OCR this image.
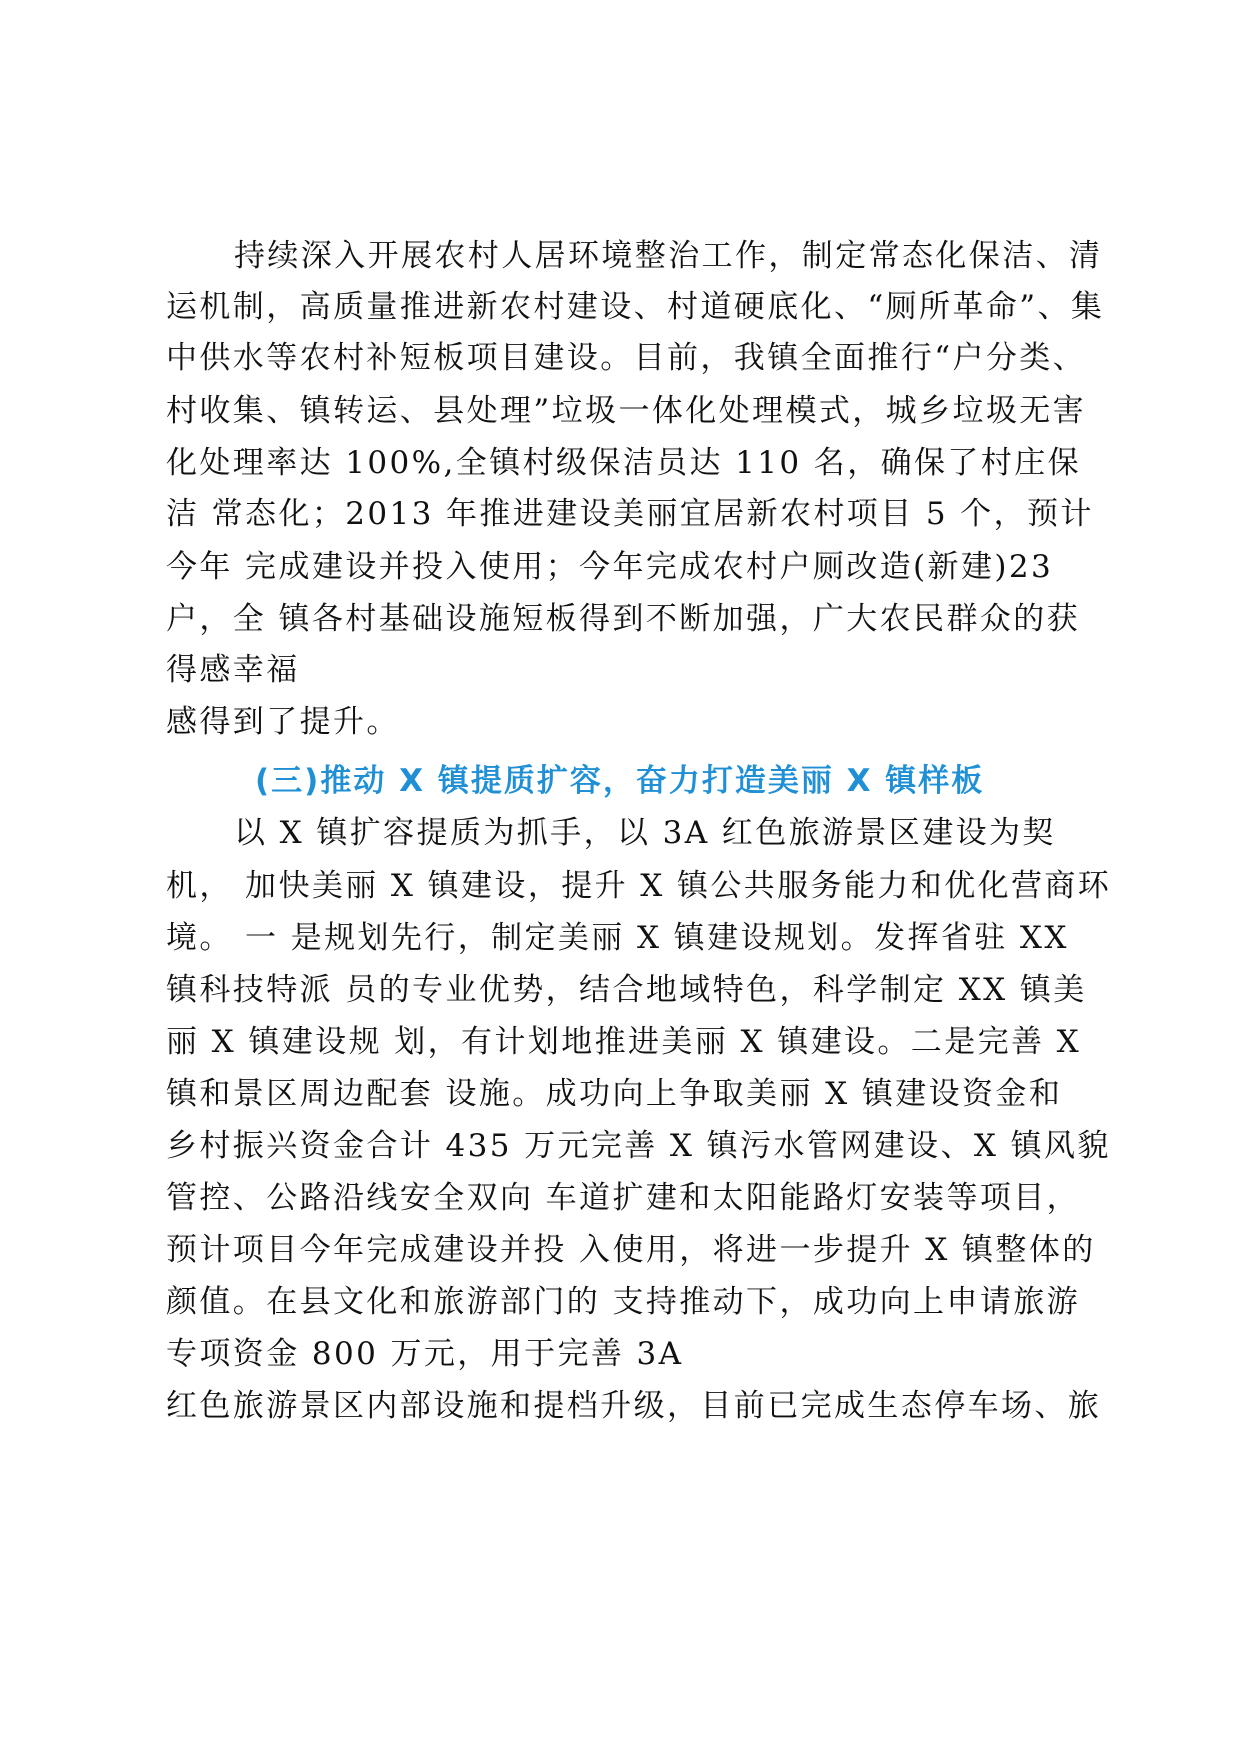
持续深入开展农村人居环境整治工作，制定常态化保洁、清
运机制，高质量推进新农村建设、村道硬底化、“厕所革命”、集
中供水等农村补短板项目建设。目前，我镇全面推行“户分类、
村收集、镇转运、县处理”垃圾一体化处理模式，城乡垃圾无害
化处理率达 100%,全镇村级保洁员达 110 名，确保了村庄保
洁 常态化；2013 年推进建设美丽宜居新农村项目 5 个，预计
今年 完成建设并投入使用；今年完成农村户厕改造(新建)23
户，全 镇各村基础设施短板得到不断加强，广大农民群众的获
得感幸福
感得到了提升。
(三)推动 X 镇提质扩容，奋力打造美丽 X 镇样板
以 X 镇扩容提质为抓手，以 3A 红色旅游景区建设为契
机， 加快美丽 X 镇建设，提升 X 镇公共服务能力和优化营商环
境。 一 是规划先行，制定美丽 X 镇建设规划。发挥省驻 XX
镇科技特派 员的专业优势，结合地域特色，科学制定 XX 镇美
丽 X 镇建设规 划，有计划地推进美丽 X 镇建设。二是完善 X
镇和景区周边配套 设施。成功向上争取美丽 X 镇建设资金和
乡村振兴资金合计 435 万元完善 X 镇污水管网建设、X 镇风貌
管控、公路沿线安全双向 车道扩建和太阳能路灯安装等项目，
预计项目今年完成建设并投 入使用，将进一步提升 X 镇整体的
颜值。在县文化和旅游部门的 支持推动下，成功向上申请旅游
专项资金 800 万元，用于完善 3A
红色旅游景区内部设施和提档升级，目前已完成生态停车场、旅
